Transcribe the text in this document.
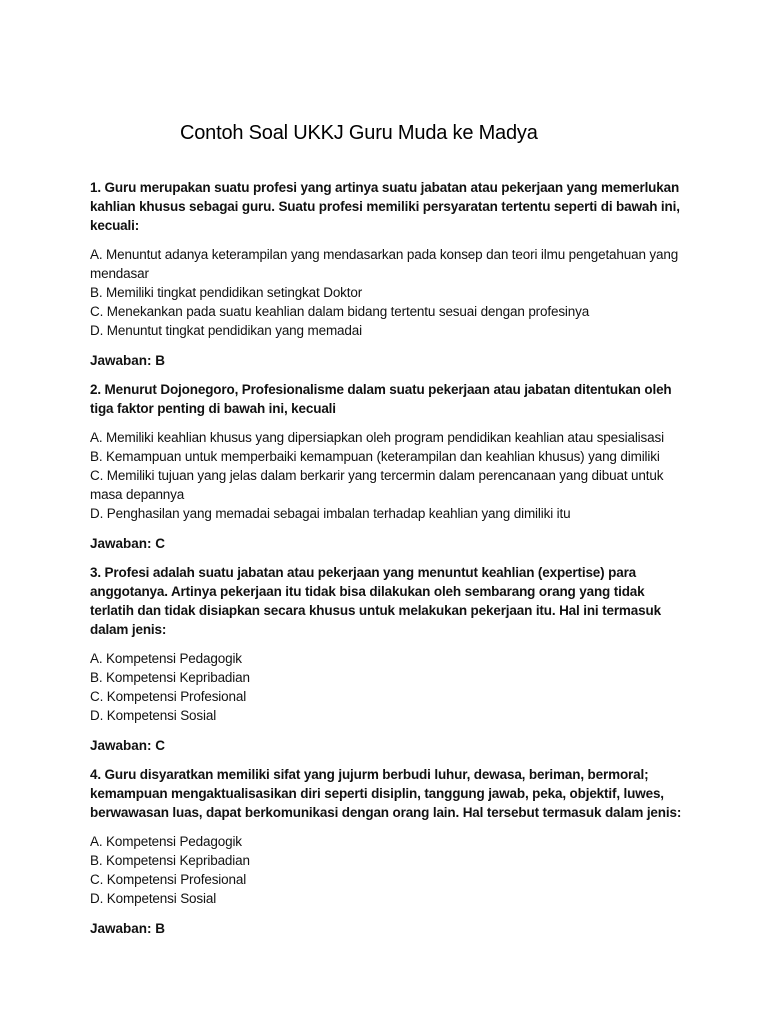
Contoh Soal UKKJ Guru Muda ke Madya

1. Guru merupakan suatu profesi yang artinya suatu jabatan atau pekerjaan yang memerlukan kahlian khusus sebagai guru. Suatu profesi memiliki persyaratan tertentu seperti di bawah ini, kecuali:

A. Menuntut adanya keterampilan yang mendasarkan pada konsep dan teori ilmu pengetahuan yang mendasar
B. Memiliki tingkat pendidikan setingkat Doktor
C. Menekankan pada suatu keahlian dalam bidang tertentu sesuai dengan profesinya
D. Menuntut tingkat pendidikan yang memadai

Jawaban: B

2. Menurut Dojonegoro, Profesionalisme dalam suatu pekerjaan atau jabatan ditentukan oleh tiga faktor penting di bawah ini, kecuali

A. Memiliki keahlian khusus yang dipersiapkan oleh program pendidikan keahlian atau spesialisasi
B. Kemampuan untuk memperbaiki kemampuan (keterampilan dan keahlian khusus) yang dimiliki
C. Memiliki tujuan yang jelas dalam berkarir yang tercermin dalam perencanaan yang dibuat untuk masa depannya
D. Penghasilan yang memadai sebagai imbalan terhadap keahlian yang dimiliki itu

Jawaban: C

3. Profesi adalah suatu jabatan atau pekerjaan yang menuntut keahlian (expertise) para anggotanya. Artinya pekerjaan itu tidak bisa dilakukan oleh sembarang orang yang tidak terlatih dan tidak disiapkan secara khusus untuk melakukan pekerjaan itu. Hal ini termasuk dalam jenis:

A. Kompetensi Pedagogik
B. Kompetensi Kepribadian
C. Kompetensi Profesional
D. Kompetensi Sosial

Jawaban: C

4. Guru disyaratkan memiliki sifat yang jujurm berbudi luhur, dewasa, beriman, bermoral; kemampuan mengaktualisasikan diri seperti disiplin, tanggung jawab, peka, objektif, luwes, berwawasan luas, dapat berkomunikasi dengan orang lain. Hal tersebut termasuk dalam jenis:

A. Kompetensi Pedagogik
B. Kompetensi Kepribadian
C. Kompetensi Profesional
D. Kompetensi Sosial

Jawaban: B
